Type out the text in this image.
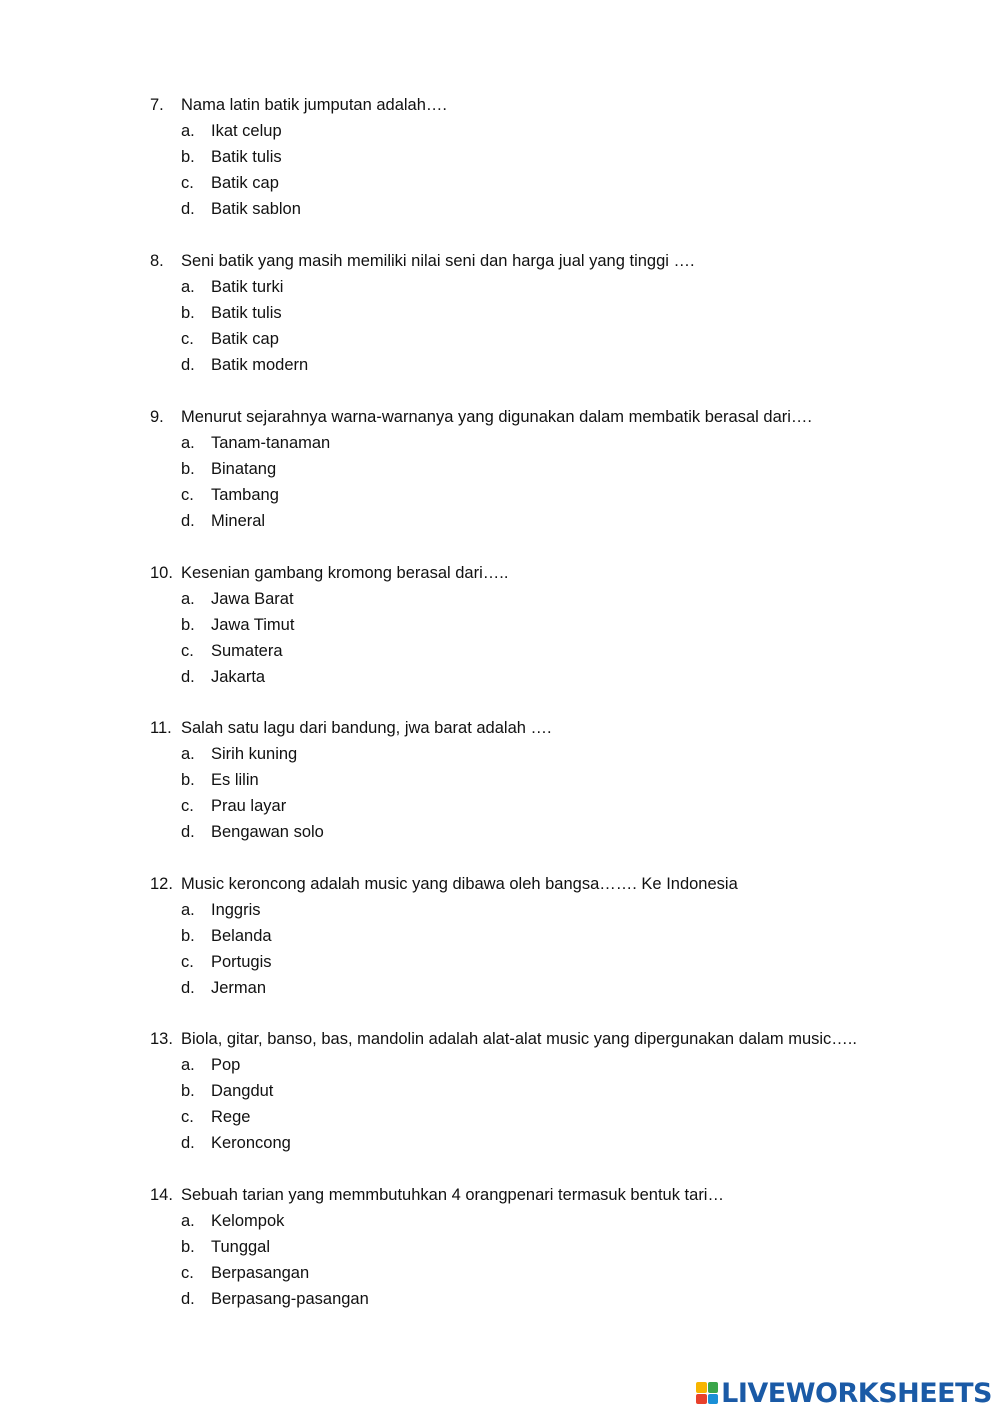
7. Nama latin batik jumputan adalah….
a. Ikat celup
b. Batik tulis
c. Batik cap
d. Batik sablon
8. Seni batik yang masih memiliki nilai seni dan harga jual yang tinggi ….
a. Batik turki
b. Batik tulis
c. Batik cap
d. Batik modern
9. Menurut sejarahnya warna-warnanya yang digunakan dalam membatik berasal dari….
a. Tanam-tanaman
b. Binatang
c. Tambang
d. Mineral
10. Kesenian gambang kromong berasal dari…..
a. Jawa Barat
b. Jawa Timut
c. Sumatera
d. Jakarta
11. Salah satu lagu dari bandung, jwa barat adalah ….
a. Sirih kuning
b. Es lilin
c. Prau layar
d. Bengawan solo
12. Music keroncong adalah music yang dibawa oleh bangsa……. Ke Indonesia
a. Inggris
b. Belanda
c. Portugis
d. Jerman
13. Biola, gitar, banso, bas, mandolin adalah alat-alat music yang dipergunakan dalam music…..
a. Pop
b. Dangdut
c. Rege
d. Keroncong
14. Sebuah tarian yang memmbutuhkan 4 orangpenari termasuk bentuk tari…
a. Kelompok
b. Tunggal
c. Berpasangan
d. Berpasang-pasangan
LIVEWORKSHEETS
